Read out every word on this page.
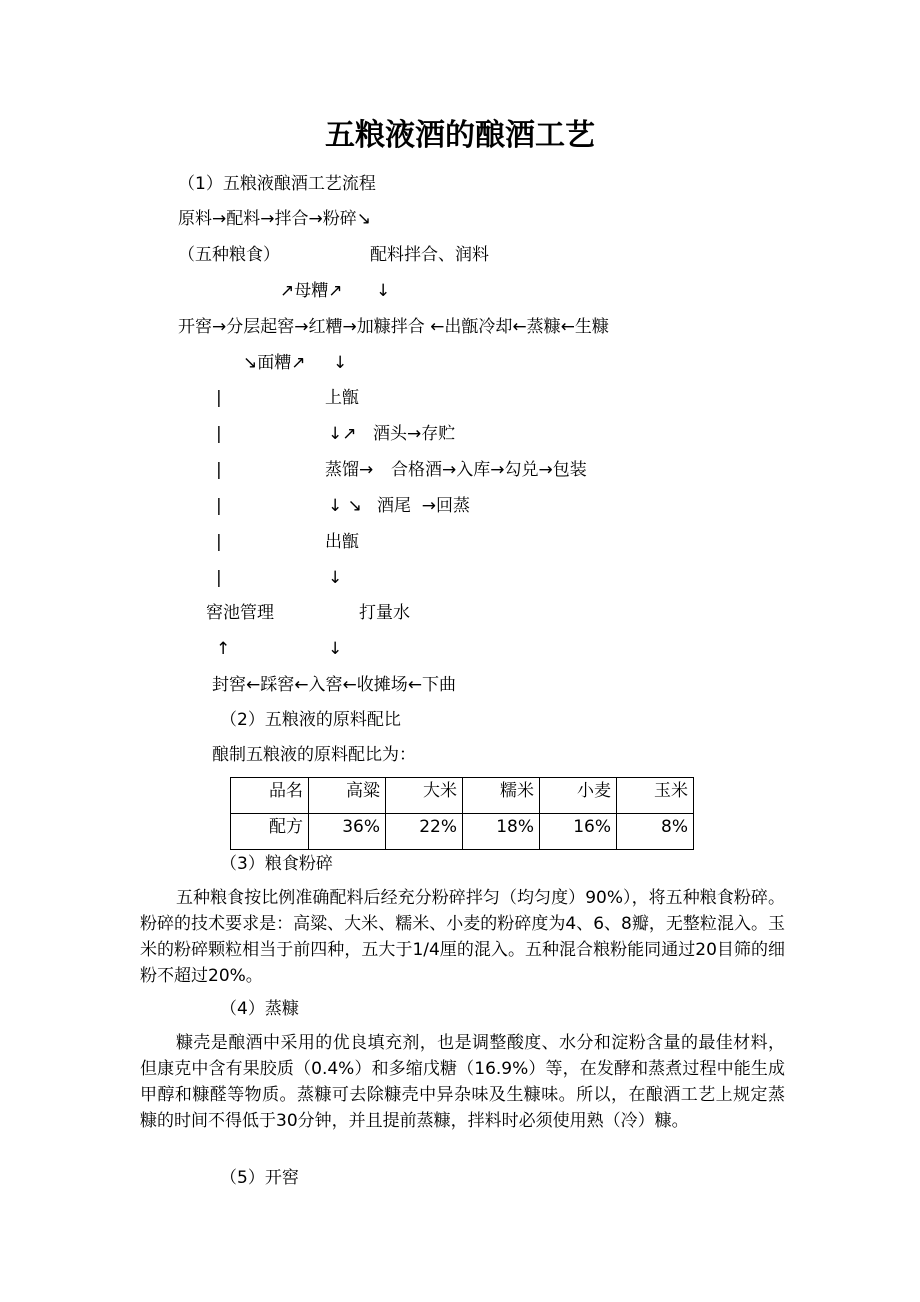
五粮液酒的酿酒工艺
（1）五粮液酿酒工艺流程
原料→配料→拌合→粉碎↘
（五种粮食）	配料拌合、润料
↗母糟↗ ↓
开窖→分层起窖→红糟→加糠拌合 ←出甑冷却←蒸糠←生糠
↘面糟↗ ↓
|	上甑
|	↓↗ 酒头→存贮
|	蒸馏→ 合格酒→入库→勾兑→包装
|	↓ ↘ 酒尾  →回蒸
|	出甑
|	↓
窖池管理	打量水
↑	↓
封窖←踩窖←入窖←收摊场←下曲
（2）五粮液的原料配比
酿制五粮液的原料配比为：
品名	高粱	大米	糯米	小麦	玉米
配方	36%	22%	18%	16%	8%
（3）粮食粉碎
五种粮食按比例准确配料后经充分粉碎拌匀（均匀度）90%），将五种粮食粉碎。粉碎的技术要求是：高粱、大米、糯米、小麦的粉碎度为4、6、8瓣，无整粒混入。玉米的粉碎颗粒相当于前四种，五大于1/4厘的混入。五种混合粮粉能同通过20目筛的细粉不超过20%。
（4）蒸糠
糠壳是酿酒中采用的优良填充剂，也是调整酸度、水分和淀粉含量的最佳材料，但康克中含有果胶质（0.4%）和多缩戊糖（16.9%）等，在发酵和蒸煮过程中能生成甲醇和糠醛等物质。蒸糠可去除糠壳中异杂味及生糠味。所以，在酿酒工艺上规定蒸糠的时间不得低于30分钟，并且提前蒸糠，拌料时必须使用熟（冷）糠。
（5）开窖
